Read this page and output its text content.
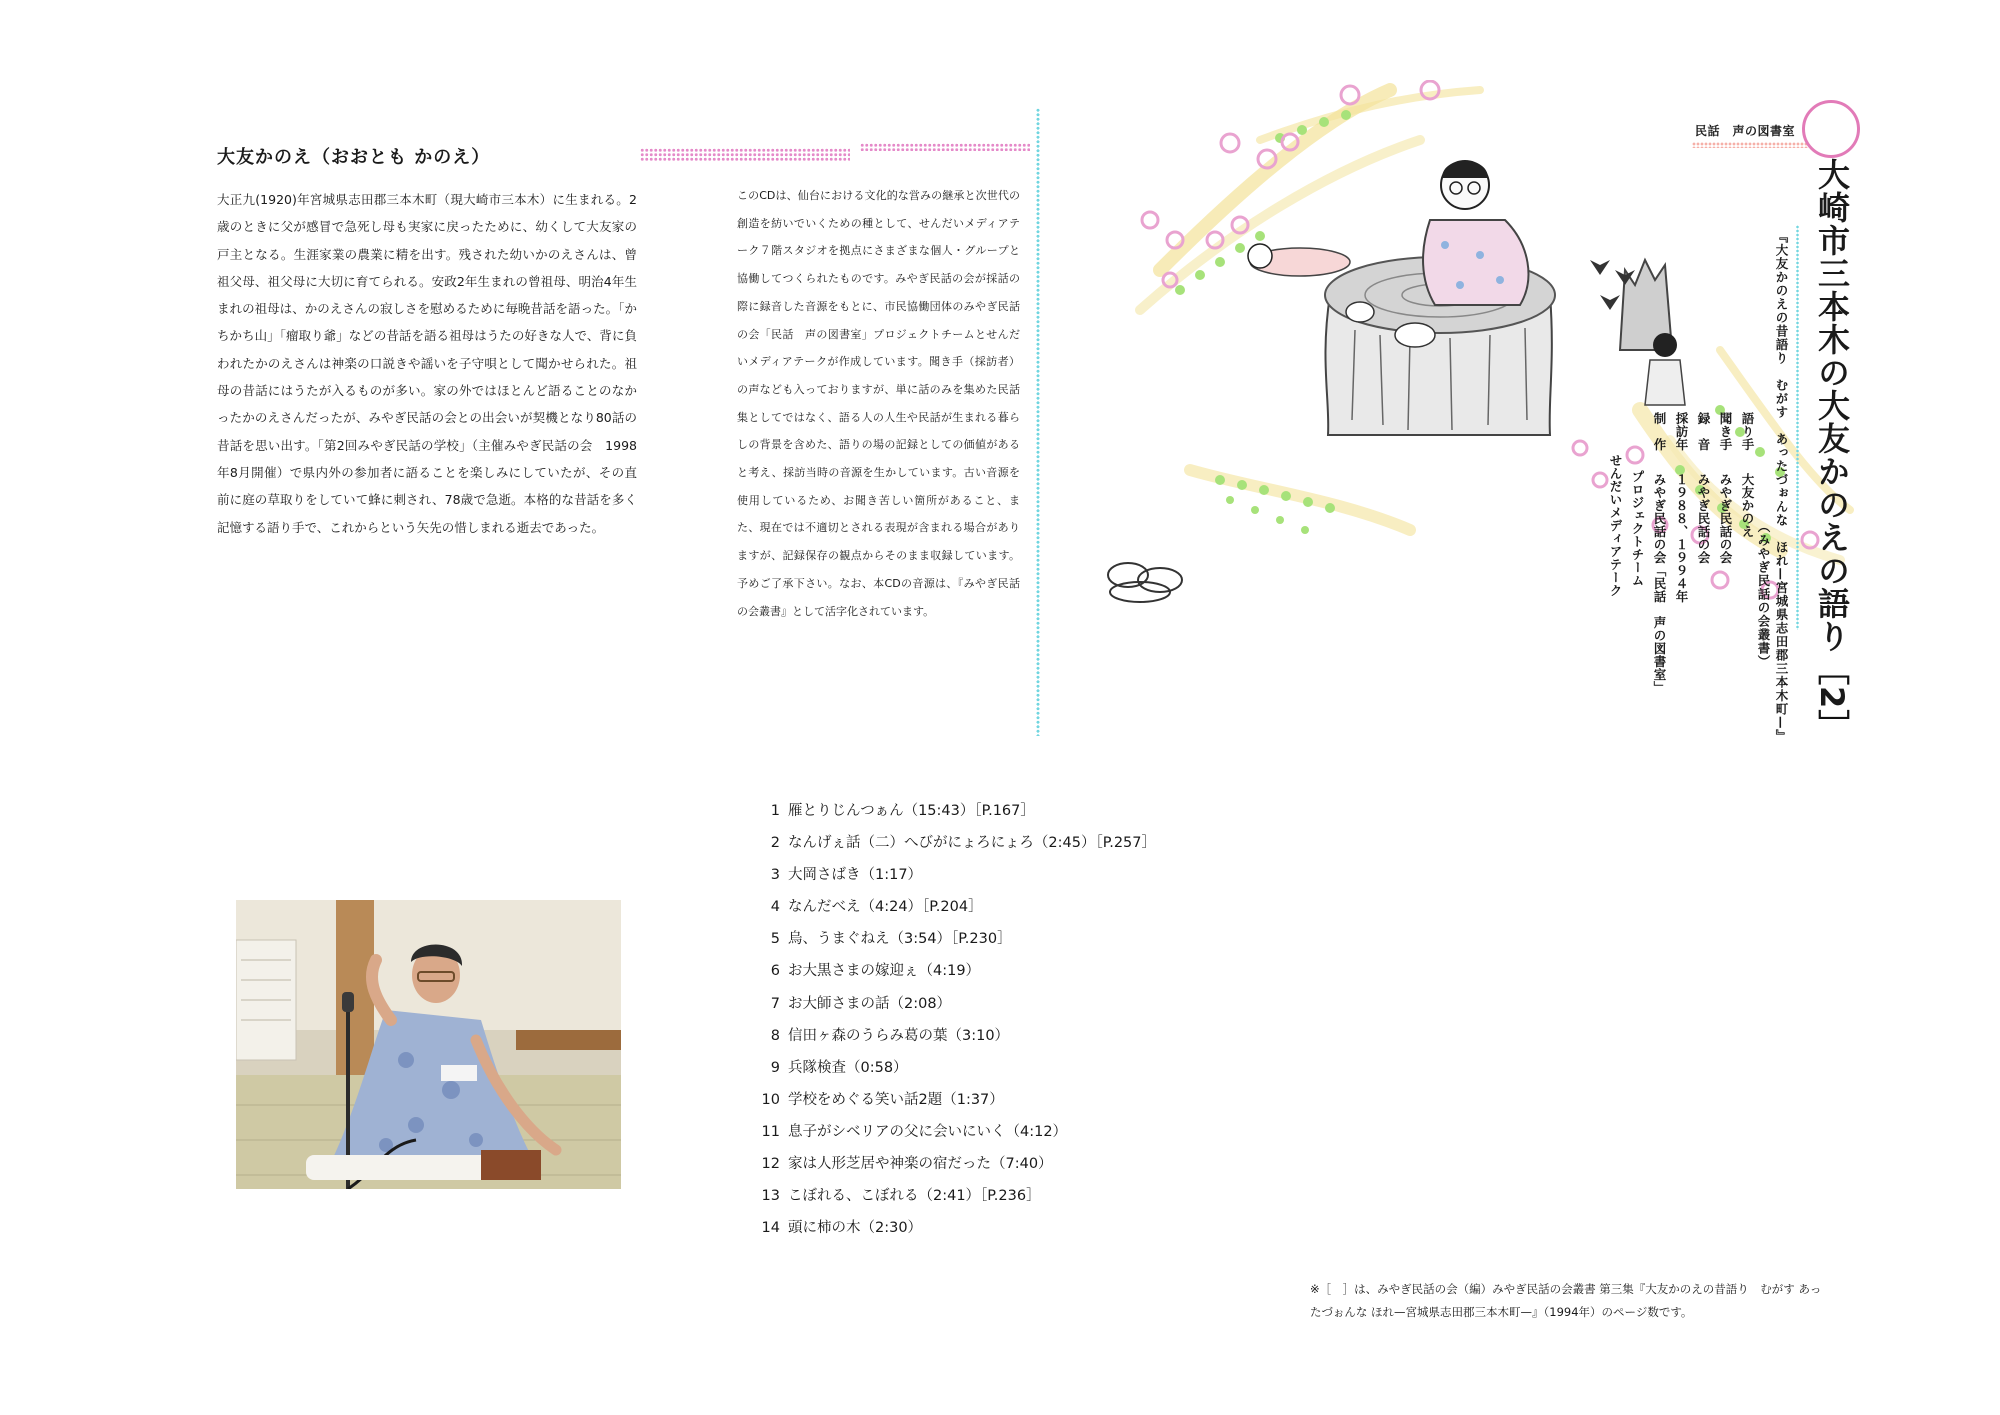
大友かのえ（おおとも かのえ）

大正九(1920)年宮城県志田郡三本木町（現大崎市三本木）に生まれる。2歳のときに父が感冒で急死し母も実家に戻ったために、幼くして大友家の戸主となる。生涯家業の農業に精を出す。残された幼いかのえさんは、曾祖父母、祖父母に大切に育てられる。安政2年生まれの曾祖母、明治4年生まれの祖母は、かのえさんの寂しさを慰めるために毎晩昔話を語った。「かちかち山」「瘤取り爺」などの昔話を語る祖母はうたの好きな人で、背に負われたかのえさんは神楽の口説きや謡いを子守唄として聞かせられた。祖母の昔話にはうたが入るものが多い。家の外ではほとんど語ることのなかったかのえさんだったが、みやぎ民話の会との出会いが契機となり80話の昔話を思い出す。「第2回みやぎ民話の学校」（主催みやぎ民話の会　1998年8月開催）で県内外の参加者に語ることを楽しみにしていたが、その直前に庭の草取りをしていて蜂に刺され、78歳で急逝。本格的な昔話を多く記憶する語り手で、これからという矢先の惜しまれる逝去であった。

このCDは、仙台における文化的な営みの継承と次世代の創造を紡いでいくための種として、せんだいメディアテーク７階スタジオを拠点にさまざまな個人・グループと協働してつくられたものです。みやぎ民話の会が採話の際に録音した音源をもとに、市民協働団体のみやぎ民話の会「民話　声の図書室」プロジェクトチームとせんだいメディアテークが作成しています。聞き手（採訪者）の声なども入っておりますが、単に話のみを集めた民話集としてではなく、語る人の人生や民話が生まれる暮らしの背景を含めた、語りの場の記録としての価値があると考え、採訪当時の音源を生かしています。古い音源を使用しているため、お聞き苦しい箇所があること、また、現在では不適切とされる表現が含まれる場合がありますが、記録保存の観点からそのまま収録しています。予めご了承下さい。なお、本CDの音源は、『みやぎ民話の会叢書』として活字化されています。

民話　声の図書室
大崎市三本木の大友かのえの語り［2］
『大友かのえの昔語り　むがす　あったづぉんな　ほれ—宮城県志田郡三本木町—』
（みやぎ民話の会叢書）
語り手大友かのえ
聞き手みやぎ民話の会
録　音みやぎ民話の会
採訪年１９８８、１９９４年
制　作みやぎ民話の会「民話　声の図書室」
プロジェクトチーム
せんだいメディアテーク
1 雁とりじんつぁん（15:43）［P.167］
2 なんげぇ話（二）へびがにょろにょろ（2:45）［P.257］
3 大岡さばき（1:17）
4 なんだべえ（4:24）［P.204］
5 烏、うまぐねえ（3:54）［P.230］
6 お大黒さまの嫁迎ぇ（4:19）
7 お大師さまの話（2:08）
8 信田ヶ森のうらみ葛の葉（3:10）
9 兵隊検査（0:58）
10 学校をめぐる笑い話2題（1:37）
11 息子がシベリアの父に会いにいく（4:12）
12 家は人形芝居や神楽の宿だった（7:40）
13 こぼれる、こぼれる（2:41）［P.236］
14 頭に柿の木（2:30）

※［　］は、みやぎ民話の会（編）みやぎ民話の会叢書 第三集『大友かのえの昔語り　むがす あったづぉんな ほれ—宮城県志田郡三本木町—』（1994年）のページ数です。
